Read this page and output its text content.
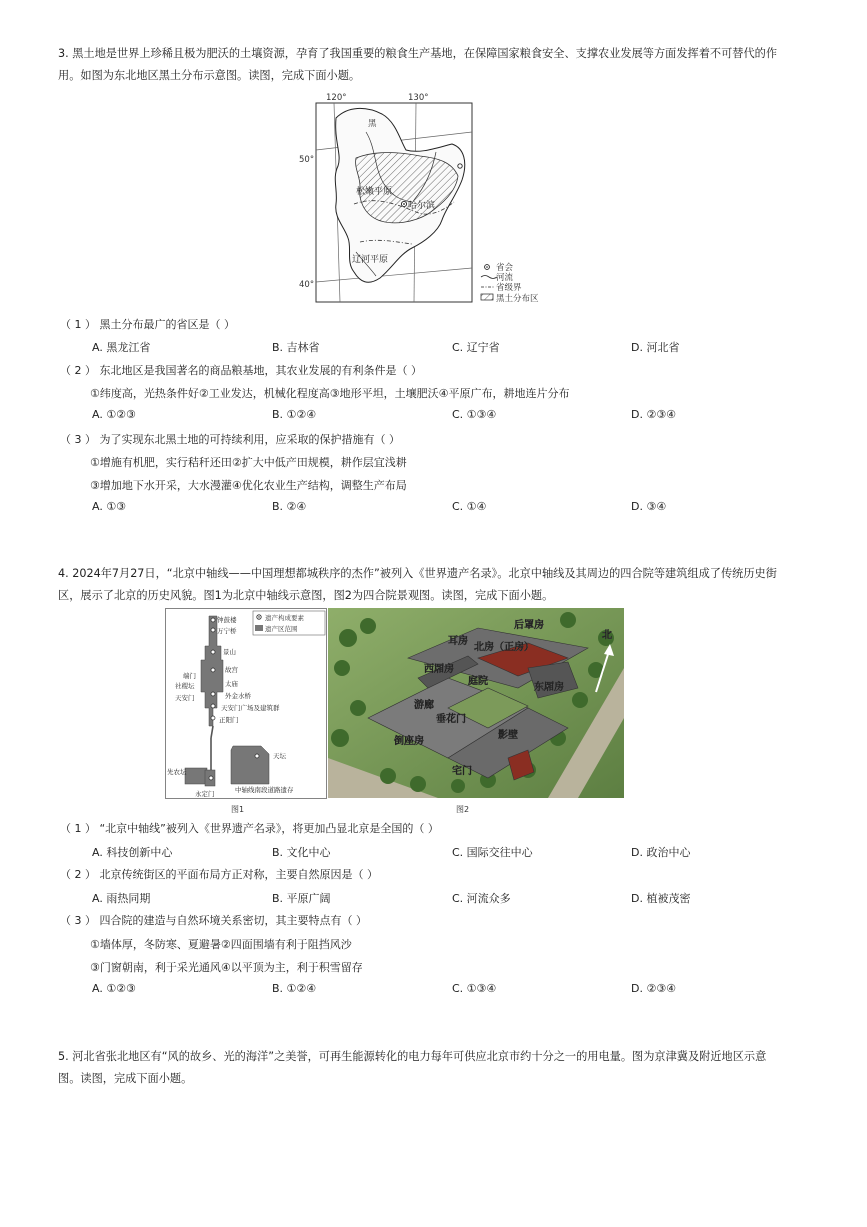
3. 黑土地是世界上珍稀且极为肥沃的土壤资源，孕育了我国重要的粮食生产基地，在保障国家粮食安全、支撑农业发展等方面发挥着不可替代的作
用。如图为东北地区黑土分布示意图。读图，完成下面小题。
120°	130°
50°
40°
黑
松嫩平原
哈尔滨
辽河平原
省会
河流
省级界
黑土分布区
（ 1 ） 黑土分布最广的省区是（ ）
A. 黑龙江省	B. 吉林省	C. 辽宁省	D. 河北省
（ 2 ） 东北地区是我国著名的商品粮基地，其农业发展的有利条件是（ ）
①纬度高，光热条件好②工业发达，机械化程度高③地形平坦，土壤肥沃④平原广布，耕地连片分布
A. ①②③	B. ①②④	C. ①③④	D. ②③④
（ 3 ） 为了实现东北黑土地的可持续利用，应采取的保护措施有（ ）
①增施有机肥，实行秸秆还田②扩大中低产田规模，耕作层宜浅耕
③增加地下水开采，大水漫灌④优化农业生产结构，调整生产布局
A. ①③	B. ②④	C. ①④	D. ③④
4. 2024年7月27日，“北京中轴线——中国理想都城秩序的杰作”被列入《世界遗产名录》。北京中轴线及其周边的四合院等建筑组成了传统历史街
区，展示了北京的历史风貌。图1为北京中轴线示意图，图2为四合院景观图。读图，完成下面小题。
遗产构成要素
遗产区范围
钟鼓楼
万宁桥
景山
故宫
端门
社稷坛	太庙
外金水桥
天安门
天安门广场及建筑群
正阳门
天坛
先农坛
永定门	中轴线南段道路遗存
图1
后罩房
耳房
北房（正房）
西厢房
东厢房
庭院
游廊
垂花门
倒座房
影壁
宅门
北
图2
（ 1 ） “北京中轴线”被列入《世界遗产名录》，将更加凸显北京是全国的（ ）
A. 科技创新中心	B. 文化中心	C. 国际交往中心	D. 政治中心
（ 2 ） 北京传统街区的平面布局方正对称，主要自然原因是（ ）
A. 雨热同期	B. 平原广阔	C. 河流众多	D. 植被茂密
（ 3 ） 四合院的建造与自然环境关系密切，其主要特点有（ ）
①墙体厚，冬防寒、夏避暑②四面围墙有利于阻挡风沙
③门窗朝南，利于采光通风④以平顶为主，利于积雪留存
A. ①②③	B. ①②④	C. ①③④	D. ②③④
5. 河北省张北地区有“风的故乡、光的海洋”之美誉，可再生能源转化的电力每年可供应北京市约十分之一的用电量。图为京津冀及附近地区示意
图。读图，完成下面小题。
